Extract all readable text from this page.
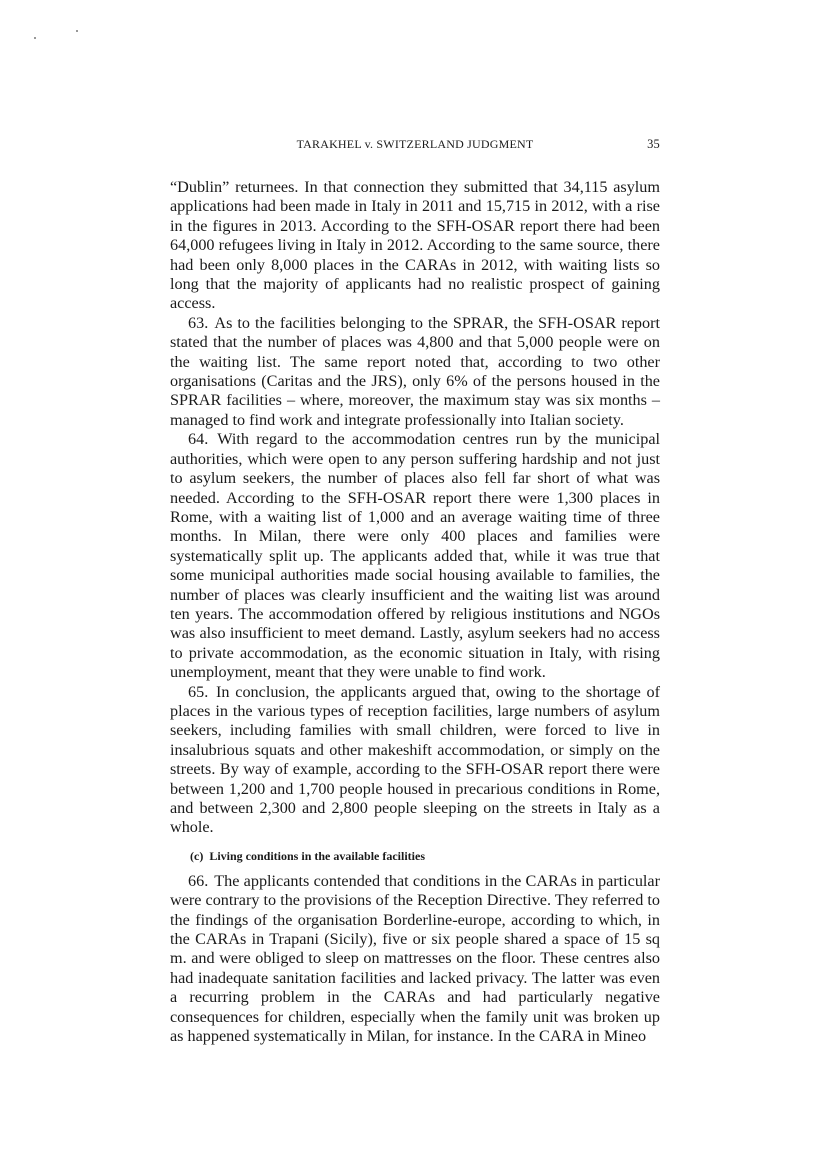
TARAKHEL v. SWITZERLAND JUDGMENT	35

“Dublin” returnees. In that connection they submitted that 34,115 asylum applications had been made in Italy in 2011 and 15,715 in 2012, with a rise in the figures in 2013. According to the SFH-OSAR report there had been 64,000 refugees living in Italy in 2012. According to the same source, there had been only 8,000 places in the CARAs in 2012, with waiting lists so long that the majority of applicants had no realistic prospect of gaining access.

63. As to the facilities belonging to the SPRAR, the SFH-OSAR report stated that the number of places was 4,800 and that 5,000 people were on the waiting list. The same report noted that, according to two other organisations (Caritas and the JRS), only 6% of the persons housed in the SPRAR facilities – where, moreover, the maximum stay was six months – managed to find work and integrate professionally into Italian society.

64. With regard to the accommodation centres run by the municipal authorities, which were open to any person suffering hardship and not just to asylum seekers, the number of places also fell far short of what was needed. According to the SFH-OSAR report there were 1,300 places in Rome, with a waiting list of 1,000 and an average waiting time of three months. In Milan, there were only 400 places and families were systematically split up. The applicants added that, while it was true that some municipal authorities made social housing available to families, the number of places was clearly insufficient and the waiting list was around ten years. The accommodation offered by religious institutions and NGOs was also insufficient to meet demand. Lastly, asylum seekers had no access to private accommodation, as the economic situation in Italy, with rising unemployment, meant that they were unable to find work.

65. In conclusion, the applicants argued that, owing to the shortage of places in the various types of reception facilities, large numbers of asylum seekers, including families with small children, were forced to live in insalubrious squats and other makeshift accommodation, or simply on the streets. By way of example, according to the SFH-OSAR report there were between 1,200 and 1,700 people housed in precarious conditions in Rome, and between 2,300 and 2,800 people sleeping on the streets in Italy as a whole.

(c) Living conditions in the available facilities

66. The applicants contended that conditions in the CARAs in particular were contrary to the provisions of the Reception Directive. They referred to the findings of the organisation Borderline-europe, according to which, in the CARAs in Trapani (Sicily), five or six people shared a space of 15 sq m. and were obliged to sleep on mattresses on the floor. These centres also had inadequate sanitation facilities and lacked privacy. The latter was even a recurring problem in the CARAs and had particularly negative consequences for children, especially when the family unit was broken up as happened systematically in Milan, for instance. In the CARA in Mineo
